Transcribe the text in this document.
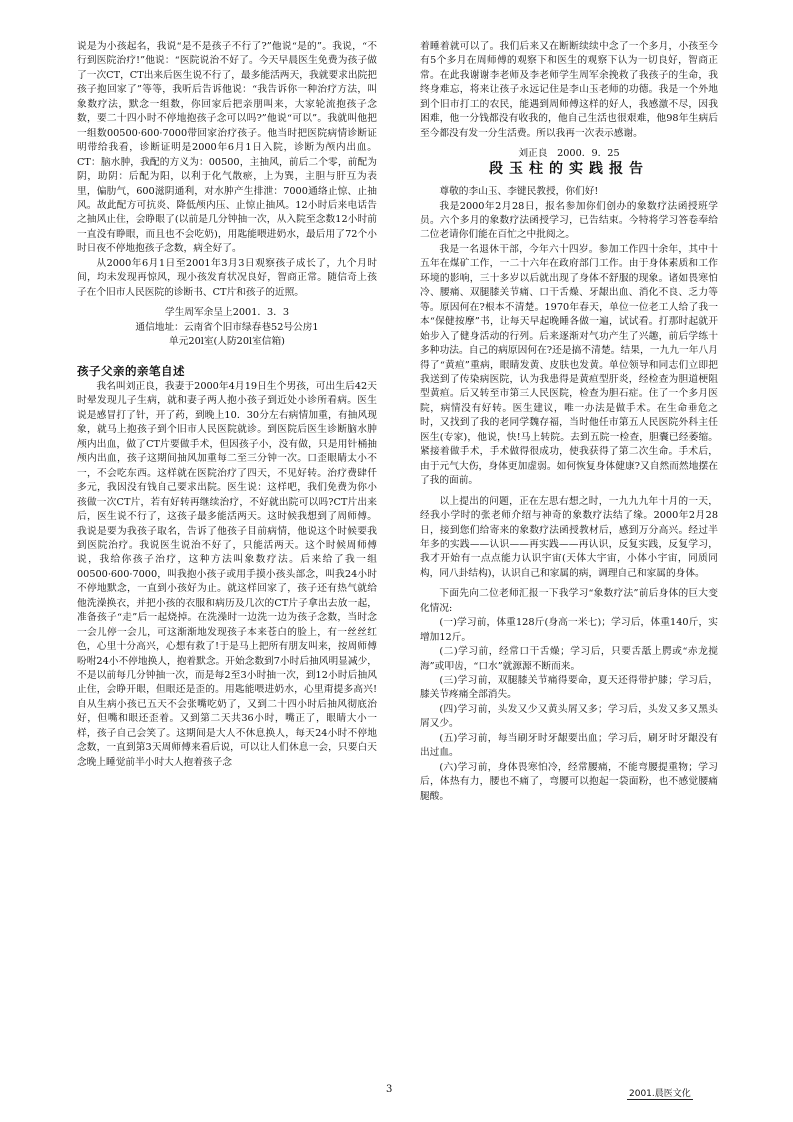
说是为小孩起名，我说“是不是孩子不行了?”他说“是的”。我说，“不行到医院治疗!”他说：“医院说治不好了。今天早晨医生免费为孩子做了一次CT，CT出来后医生说不行了，最多能活两天，我就要求出院把孩子抱回家了”等等，我听后告诉他说：“我告诉你一种治疗方法，叫象数疗法，默念一组数，你回家后把亲朋叫来，大家轮流抱孩子念数，要二十四小时不停地抱孩子念可以吗?”他说“可以”。我就叫他把一组数00500·600·7000带回家治疗孩子。他当时把医院病情诊断证明带给我看，诊断证明是2000年6月1日入院，诊断为颅内出血。CT：脑水肿，我配的方义为：00500，主抽风，前后二个零，前配为阴，助阴：后配为阳，以利于化气散瘀，上为巽，主胆与肝互为表里，偏肋气，600滋阴通利，对水肿产生排泄：7000通络止惊、止抽风。故此配方可抗炎、降低颅内压、止惊止抽风。12小时后来电话告之抽风止住，会睁眼了(以前是几分钟抽一次，从入院至念数12小时前一直没有睁眼，而且也不会吃奶)，用匙能喂进奶水，最后用了72个小时日夜不停地抱孩子念数，病全好了。

从2000年6月1日至2001年3月3日观察孩子成长了，九个月时间，均未发现再惊风，现小孩发育状况良好，智商正常。随信奇上孩子在个旧市人民医院的诊断书、CT片和孩子的近照。

学生周军余呈上2001．3．3

通信地址：云南省个旧市绿春巷52号公房1

单元20l室(人防20l室信箱)

孩子父亲的亲笔自述

我名叫刘正良，我妻于2000年4月19日生个男孩，可出生后42天时晕发现儿子生病，就和妻子两人抱小孩子到近处小诊所看病。医生说是感冒打了针，开了药，到晚上10．30分左右病情加重，有抽风现象，就马上抱孩子到个旧市人民医院就诊。到医院后医生诊断脑水肿颅内出血，做了CT片要做手术，但因孩子小，没有做，只是用针桶抽颅内出血，孩子这期间抽风加重每二至三分钟一次。口歪眼睛太小不一，不会吃东西。这样就在医院治疗了四天，不见好转。治疗费肆仟多元，我因没有钱自己要求出院。医生说：这样吧，我们免费为你小孩做一次CT片，若有好转再继续治疗，不好就出院可以吗?CT片出来后，医生说不行了，这孩子最多能活两天。这时候我想到了周师傅。我说是要为我孩子取名，告诉了他孩子目前病情，他说这个时候要我到医院治疗。我说医生说治不好了，只能活两天。这个时候周师傅说，我给你孩子治疗，这种方法叫象数疗法。后来给了我一组00500·600·7000，叫我抱小孩子或用手摸小孩头部念，叫我24小时不停地默念，一直到小孩好为止。就这样回家了，孩子还有热气就给他洗澡换衣，并把小孩的衣服和病历及几次的CT片子拿出去放一起，准备孩子“走”后一起烧掉。在洗澡时一边洗一边为孩子念数，当时念一会儿停一会儿，可这渐渐地发现孩子本来苍白的脸上，有一丝丝红色，心里十分高兴，心想有救了!于是马上把所有朋友叫来，按周师傅吩咐24小不停地换人，抱着默念。开始念数到7小时后抽风明显减少，不是以前每几分钟抽一次，而是每2至3小时抽一次，到12小时后抽风止住，会睁开眼，但眼还是歪的。用匙能喂进奶水，心里甭提多高兴!自从生病小孩已五天不会张嘴吃奶了，又到二十四小时后抽风彻底治好，但嘴和眼还歪着。又到第二天共36小时，嘴正了，眼睛大小一样，孩子自己会笑了。这期间是大人不休息换人，每天24小时不停地念数，一直到第3天周师傅来看后说，可以让人们休息一会，只要白天念晚上睡觉前半小时大人抱着孩子念

着睡着就可以了。我们后来又在断断续续中念了一个多月，小孩至今有5个多月在周师傅的观察下和医生的观察下认为一切良好，智商正常。在此我谢谢李老师及李老师学生周军余挽救了我孩子的生命，我终身难忘，将来让孩子永远记住是李山玉老师的功德。我是一个外地到个旧市打工的农民，能遇到周师傅这样的好人，我感激不尽，因我困难，他一分钱都没有收我的，他自己生活也很艰难，他98年生病后至今都没有发一分生活费。所以我再一次表示感谢。

刘正良　2000．9．25

段玉柱的实践报告

尊敬的李山玉、李键民教授，你们好!

我是2000年2月28日，报名参加你们创办的象数疗法函授班学员。六个多月的象数疗法函授学习，已告结束。今特将学习答卷奉给二位老请你们能在百忙之中批阅之。

我是一名退休干部，今年六十四岁。参加工作四十余年，其中十五年在煤矿工作，一二十六年在政府部门工作。由于身体素质和工作环境的影响，三十多岁以后就出现了身体不舒服的现象。诸如畏寒怕冷、腰痛、双腿膝关节痛、口干舌燥、牙龈出血、消化不良、乏力等等。原因何在?根本不清楚。1970年春天，单位一位老工人给了我一本“保健按摩”书，让每天早起晚睡各做一遍，试试看。打那时起就开始步入了健身活动的行列。后来逐渐对气功产生了兴趣，前后学练十多种功法。自己的病原因何在?还是搞不清楚。结果，一九九一年八月得了“黄疸”重病，眼睛发黄、皮肤也发黄。单位领导和同志们立即把我送到了传染病医院，认为我患得是黄疸型肝炎，经检查为胆道梗阻型黄疸。后又转至市第三人民医院，检查为胆石症。住了一个多月医院，病情没有好转。医生建议，唯一办法是做手术。在生命垂危之时，又找到了我的老同学魏存福，当时他任市第五人民医院外科主任医生(专家)，他说，快!马上转院。去到五院一检查，胆囊已经萎缩。紧接着做手术，手术做得很成功，使我获得了第二次生命。手术后，由于元气大伤，身体更加虚弱。如何恢复身体健康?又自然而然地摆在了我的面前。

以上提出的问题，正在左思右想之时，一九九九年十月的一天，经我小学时的张老师介绍与神奇的象数疗法结了缘。2000年2月28日，接到您们给寄来的象数疗法函授教材后，感到万分高兴。经过半年多的实践——认识——再实践——再认识，反复实践，反复学习，我才开始有一点点能力认识宇宙(天体大宇宙，小体小宇宙，同质同构，同八卦结构)，认识自己和家属的病，调理自己和家属的身体。

下面先向二位老师汇报一下我学习“象数疗法”前后身体的巨大变化情况:

(一)学习前，体重128斤(身高一米七)；学习后，体重140斤，实增加12斤。

(二)学习前，经常口干舌燥；学习后，只要舌舐上腭或“赤龙搅海”或叩齿，“口水”就源源不断而来。

(三)学习前，双腿膝关节痛得要命，夏天还得带护膝；学习后，膝关节疼痛全部消失。

(四)学习前，头发又少又黄头屑又多；学习后，头发又多又黑头屑又少。

(五)学习前，每当刷牙时牙龈要出血；学习后，刷牙时牙龈没有出过血。

(六)学习前，身体畏寒怕冷，经常腰痛，不能弯腰提重物；学习后，体热有力，腰也不痛了，弯腰可以抱起一袋面粉，也不感觉腰痛腿酸。

3	2001.晨医文化
